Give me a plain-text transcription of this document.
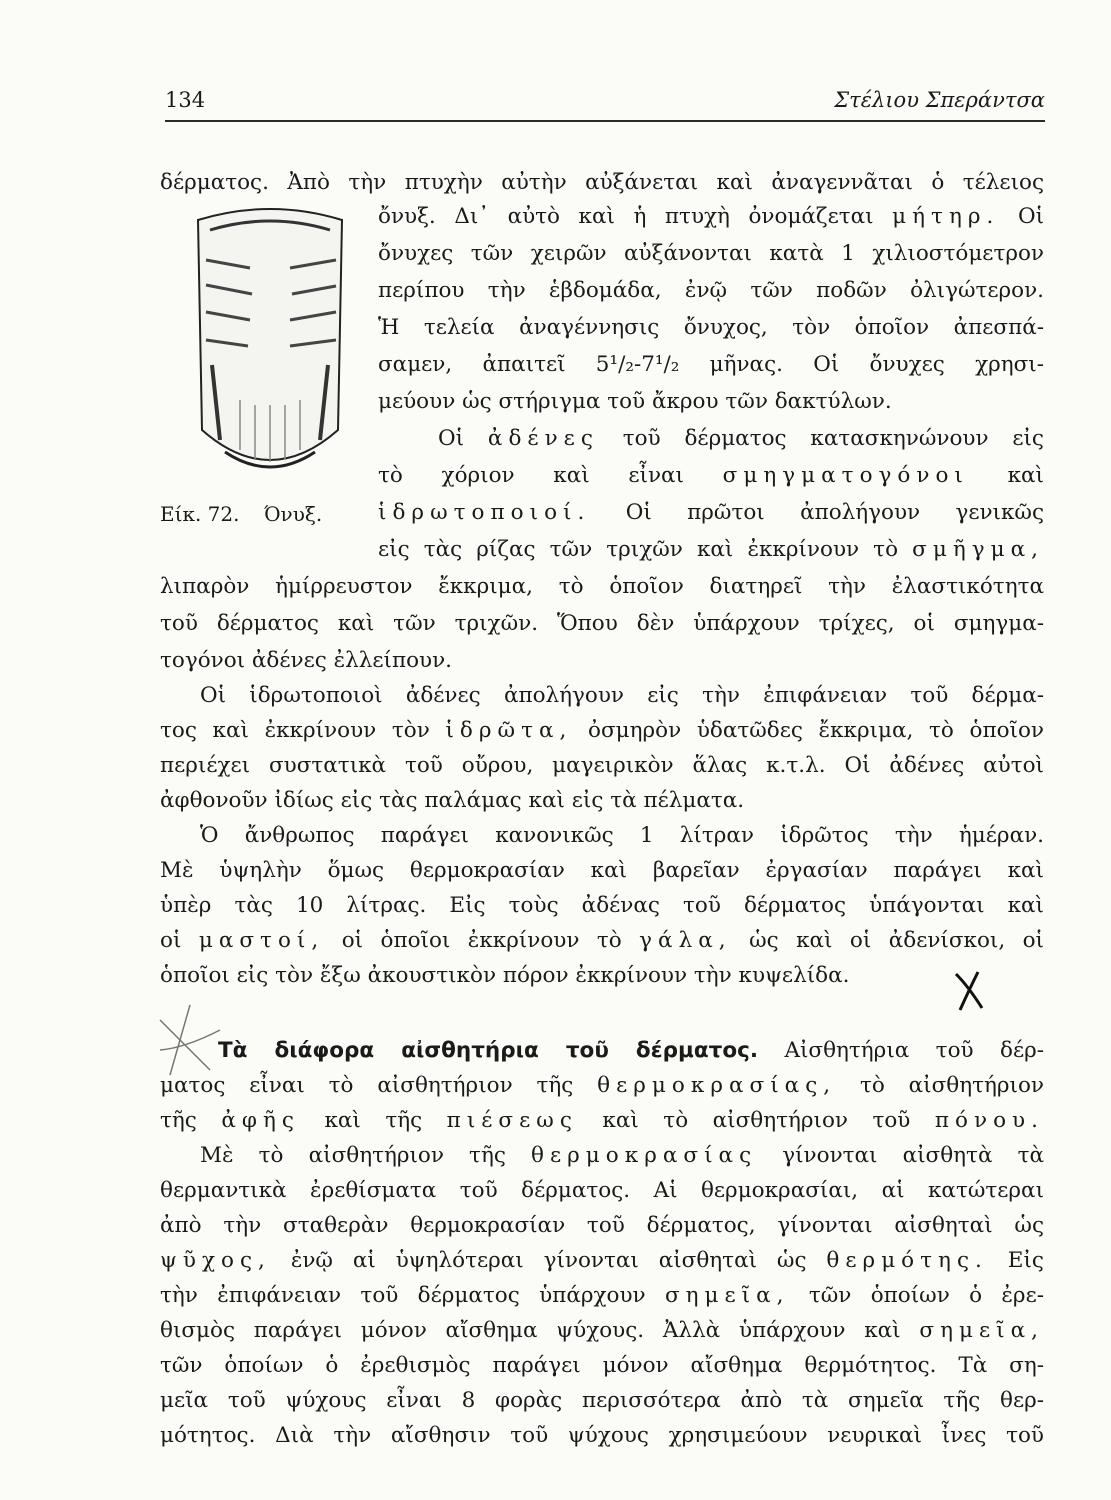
134	Στέλιου Σπεράντσα
Είκ. 72. Όνυξ.
δέρματος. Ἀπὸ τὴν πτυχὴν αὐτὴν αὐξάνεται καὶ ἀναγεννᾶται ὁ τέλειος
ὄνυξ. Δι᾿ αὐτὸ καὶ ἡ πτυχὴ ὀνομάζεται μήτηρ. Οἱ
ὄνυχες τῶν χειρῶν αὐξάνονται κατὰ 1 χιλιοστόμετρον
περίπου τὴν ἑβδομάδα, ἐνῷ τῶν ποδῶν ὀλιγώτερον.
Ἡ τελεία ἀναγέννησις ὄνυχος, τὸν ὁποῖον ἀπεσπά-
σαμεν, ἀπαιτεῖ 5¹/₂-7¹/₂ μῆνας. Οἱ ὄνυχες χρησι-
μεύουν ὡς στήριγμα τοῦ ἄκρου τῶν δακτύλων.
Οἱ ἀδένες τοῦ δέρματος κατασκηνώνουν εἰς
τὸ χόριον καὶ εἶναι σμηγματογόνοι καὶ
ἱδρωτοποιοί. Οἱ πρῶτοι ἀπολήγουν γενικῶς
εἰς τὰς ρίζας τῶν τριχῶν καὶ ἐκκρίνουν τὸ σμῆγμα,
λιπαρὸν ἡμίρρευστον ἔκκριμα, τὸ ὁποῖον διατηρεῖ τὴν ἐλαστικότητα
τοῦ δέρματος καὶ τῶν τριχῶν. Ὅπου δὲν ὑπάρχουν τρίχες, οἱ σμηγμα-
τογόνοι ἀδένες ἐλλείπουν.
Οἱ ἱδρωτοποιοὶ ἀδένες ἀπολήγουν εἰς τὴν ἐπιφάνειαν τοῦ δέρμα-
τος καὶ ἐκκρίνουν τὸν ἱδρῶτα, ὀσμηρὸν ὑδατῶδες ἔκκριμα, τὸ ὁποῖον
περιέχει συστατικὰ τοῦ οὔρου, μαγειρικὸν ἅλας κ.τ.λ. Οἱ ἀδένες αὐτοὶ
ἀφθονοῦν ἰδίως εἰς τὰς παλάμας καὶ εἰς τὰ πέλματα.
Ὁ ἄνθρωπος παράγει κανονικῶς 1 λίτραν ἱδρῶτος τὴν ἡμέραν.
Μὲ ὑψηλὴν ὅμως θερμοκρασίαν καὶ βαρεῖαν ἐργασίαν παράγει καὶ
ὑπὲρ τὰς 10 λίτρας. Εἰς τοὺς ἀδένας τοῦ δέρματος ὑπάγονται καὶ
οἱ μαστοί, οἱ ὁποῖοι ἐκκρίνουν τὸ γάλα, ὡς καὶ οἱ ἀδενίσκοι, οἱ
ὁποῖοι εἰς τὸν ἔξω ἀκουστικὸν πόρον ἐκκρίνουν τὴν κυψελίδα.
Τὰ διάφορα αἰσθητήρια τοῦ δέρματος. Αἰσθητήρια τοῦ δέρ-
ματος εἶναι τὸ αἰσθητήριον τῆς θερμοκρασίας, τὸ αἰσθητήριον
τῆς ἀφῆς καὶ τῆς πιέσεως καὶ τὸ αἰσθητήριον τοῦ πόνου.
Μὲ τὸ αἰσθητήριον τῆς θερμοκρασίας γίνονται αἰσθητὰ τὰ
θερμαντικὰ ἐρεθίσματα τοῦ δέρματος. Αἱ θερμοκρασίαι, αἱ κατώτεραι
ἀπὸ τὴν σταθερὰν θερμοκρασίαν τοῦ δέρματος, γίνονται αἰσθηταὶ ὡς
ψῦχος, ἐνῷ αἱ ὑψηλότεραι γίνονται αἰσθηταὶ ὡς θερμότης. Εἰς
τὴν ἐπιφάνειαν τοῦ δέρματος ὑπάρχουν σημεῖα, τῶν ὁποίων ὁ ἐρε-
θισμὸς παράγει μόνον αἴσθημα ψύχους. Ἀλλὰ ὑπάρχουν καὶ σημεῖα,
τῶν ὁποίων ὁ ἐρεθισμὸς παράγει μόνον αἴσθημα θερμότητος. Τὰ ση-
μεῖα τοῦ ψύχους εἶναι 8 φορὰς περισσότερα ἀπὸ τὰ σημεῖα τῆς θερ-
μότητος. Διὰ τὴν αἴσθησιν τοῦ ψύχους χρησιμεύουν νευρικαὶ ἶνες τοῦ
